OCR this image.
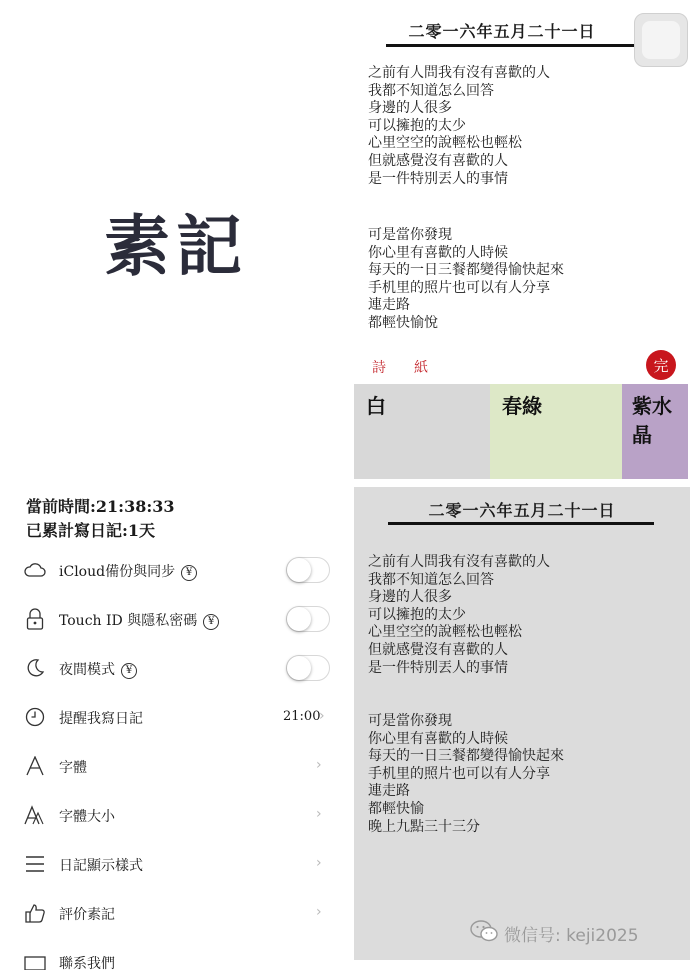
素記
二零一六年五月二十一日
之前有人問我有沒有喜歡的人
我都不知道怎么回答
身邊的人很多
可以擁抱的太少
心里空空的說輕松也輕松
但就感覺沒有喜歡的人
是一件特別丟人的事情
可是當你發現
你心里有喜歡的人時候
每天的一日三餐都變得愉快起來
手机里的照片也可以有人分享
連走路
都輕快愉悅
詩 紙	完
白	春綠	紫水晶
當前時間:21:38:33
已累計寫日記:1天
iCloud備份與同步 ¥
Touch ID 與隱私密碼 ¥
夜間模式 ¥
提醒我寫日記	21:00
›
字體	›
字體大小	›
日記顯示樣式	›
評价素記	›
聯系我們
二零一六年五月二十一日
之前有人問我有沒有喜歡的人
我都不知道怎么回答
身邊的人很多
可以擁抱的太少
心里空空的說輕松也輕松
但就感覺沒有喜歡的人
是一件特別丟人的事情
可是當你發現
你心里有喜歡的人時候
每天的一日三餐都變得愉快起來
手机里的照片也可以有人分享
連走路
都輕快愉
晚上九點三十三分
微信号: keji2025
